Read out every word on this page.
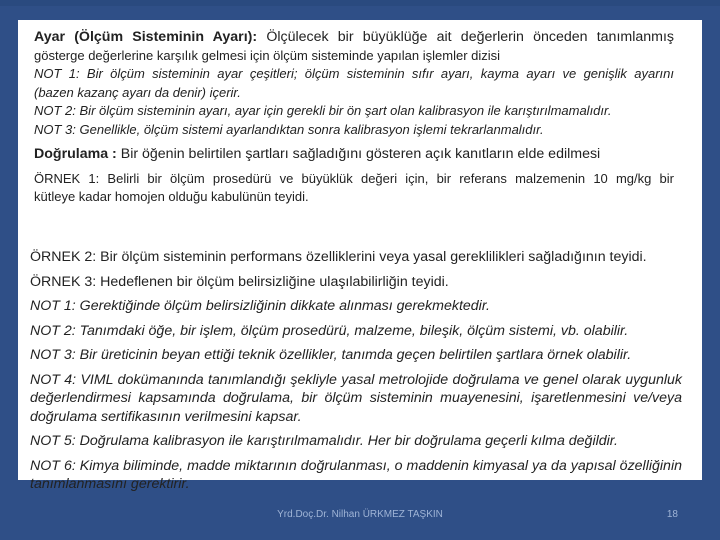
Ayar (Ölçüm Sisteminin Ayarı): Ölçülecek bir büyüklüğe ait değerlerin önceden tanımlanmış
gösterge değerlerine karşılık gelmesi için ölçüm sisteminde yapılan işlemler dizisi
NOT 1: Bir ölçüm sisteminin ayar çeşitleri; ölçüm sisteminin sıfır ayarı, kayma ayarı ve genişlik ayarını
(bazen kazanç ayarı da denir) içerir.
NOT 2: Bir ölçüm sisteminin ayarı, ayar için gerekli bir ön şart olan kalibrasyon ile karıştırılmamalıdır.
NOT 3: Genellikle, ölçüm sistemi ayarlandıktan sonra kalibrasyon işlemi tekrarlanmalıdır.
Doğrulama : Bir öğenin belirtilen şartları sağladığını gösteren açık kanıtların elde edilmesi
ÖRNEK 1: Belirli bir ölçüm prosedürü ve büyüklük değeri için, bir referans malzemenin 10 mg/kg bir
kütleye kadar homojen olduğu kabulünün teyidi.
ÖRNEK 2: Bir ölçüm sisteminin performans özelliklerini veya yasal gereklilikleri sağladığının teyidi.
ÖRNEK 3: Hedeflenen bir ölçüm belirsizliğine ulaşılabilirliğin teyidi.
NOT 1: Gerektiğinde ölçüm belirsizliğinin dikkate alınması gerekmektedir.
NOT 2: Tanımdaki öğe, bir işlem, ölçüm prosedürü, malzeme, bileşik, ölçüm sistemi, vb. olabilir.
NOT 3: Bir üreticinin beyan ettiği teknik özellikler, tanımda geçen belirtilen şartlara örnek olabilir.
NOT 4: VIML dokümanında tanımlandığı şekliyle yasal metrolojide doğrulama ve genel olarak uygunluk
değerlendirmesi kapsamında doğrulama, bir ölçüm sisteminin muayenesini, işaretlenmesini ve/veya
doğrulama sertifikasının verilmesini kapsar.
NOT 5: Doğrulama kalibrasyon ile karıştırılmamalıdır. Her bir doğrulama geçerli kılma değildir.
NOT 6: Kimya biliminde, madde miktarının doğrulanması, o maddenin kimyasal ya da yapısal özelliğinin
tanımlanmasını gerektirir.
Yrd.Doç.Dr. Nilhan ÜRKMEZ TAŞKIN	18
